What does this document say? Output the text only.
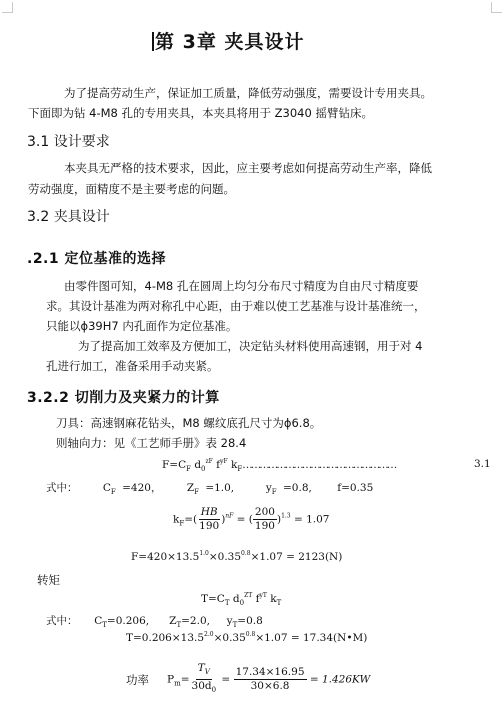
第 3章 夹具设计
为了提高劳动生产，保证加工质量，降低劳动强度，需要设计专用夹具。
下面即为钻 4-M8 孔的专用夹具，本夹具将用于 Z3040 摇臂钻床。
3.1 设计要求
本夹具无严格的技术要求，因此，应主要考虑如何提高劳动生产率，降低
劳动强度，面精度不是主要考虑的问题。
3.2 夹具设计
.2.1 定位基准的选择
由零件图可知，4-M8 孔在圆周上均匀分布尺寸精度为自由尺寸精度要
求。其设计基准为两对称孔中心距，由于难以使工艺基准与设计基准统一，
只能以ϕ39H7 内孔面作为定位基准。
为了提高加工效率及方便加工，决定钻头材料使用高速钢，用于对 4
孔进行加工，准备采用手动夹紧。
3.2.2 切削力及夹紧力的计算
刀具：高速钢麻花钻头，M8 螺纹底孔尺寸为ϕ6.8。
则轴向力：见《工艺师手册》表 28.4
$F=C_F$ $d_0^{zF}$ $f^{yF}$ $k_F\dots\dots\dots\dots\dots\dots\dots\dots\dots\dots\dots\dots\dots\dots\dots\dots\dots\dots$	3.1
式中： $C_F =420$， $Z_F =1.0$,	$y_F =0.8$, f=0.35
$k_F=( \frac{HB}{190} )^{nF}$ = ( $\frac{200}{190} )^{1.3} = 1.07$
$F=420\times 13.5^{1.0}\times 0.35^{0.8}\times 1.07 = 2123(N)$
转矩
$T=C_T$ $d_0^{ZT}$ $f^{yT}$ $k_T$
式中： $C_T=0.206$, $Z_T=2.0$, $y_T=0.8$
$T=0.206\times 13.5^{2.0}\times 0.35^{0.8}\times 1.07$ = 17.34(N•M)
功率 $P_m= \frac{T_V}{30d_0} = \frac{17.34\times 16.95}{30\times 6.8} = 1.426KW$
